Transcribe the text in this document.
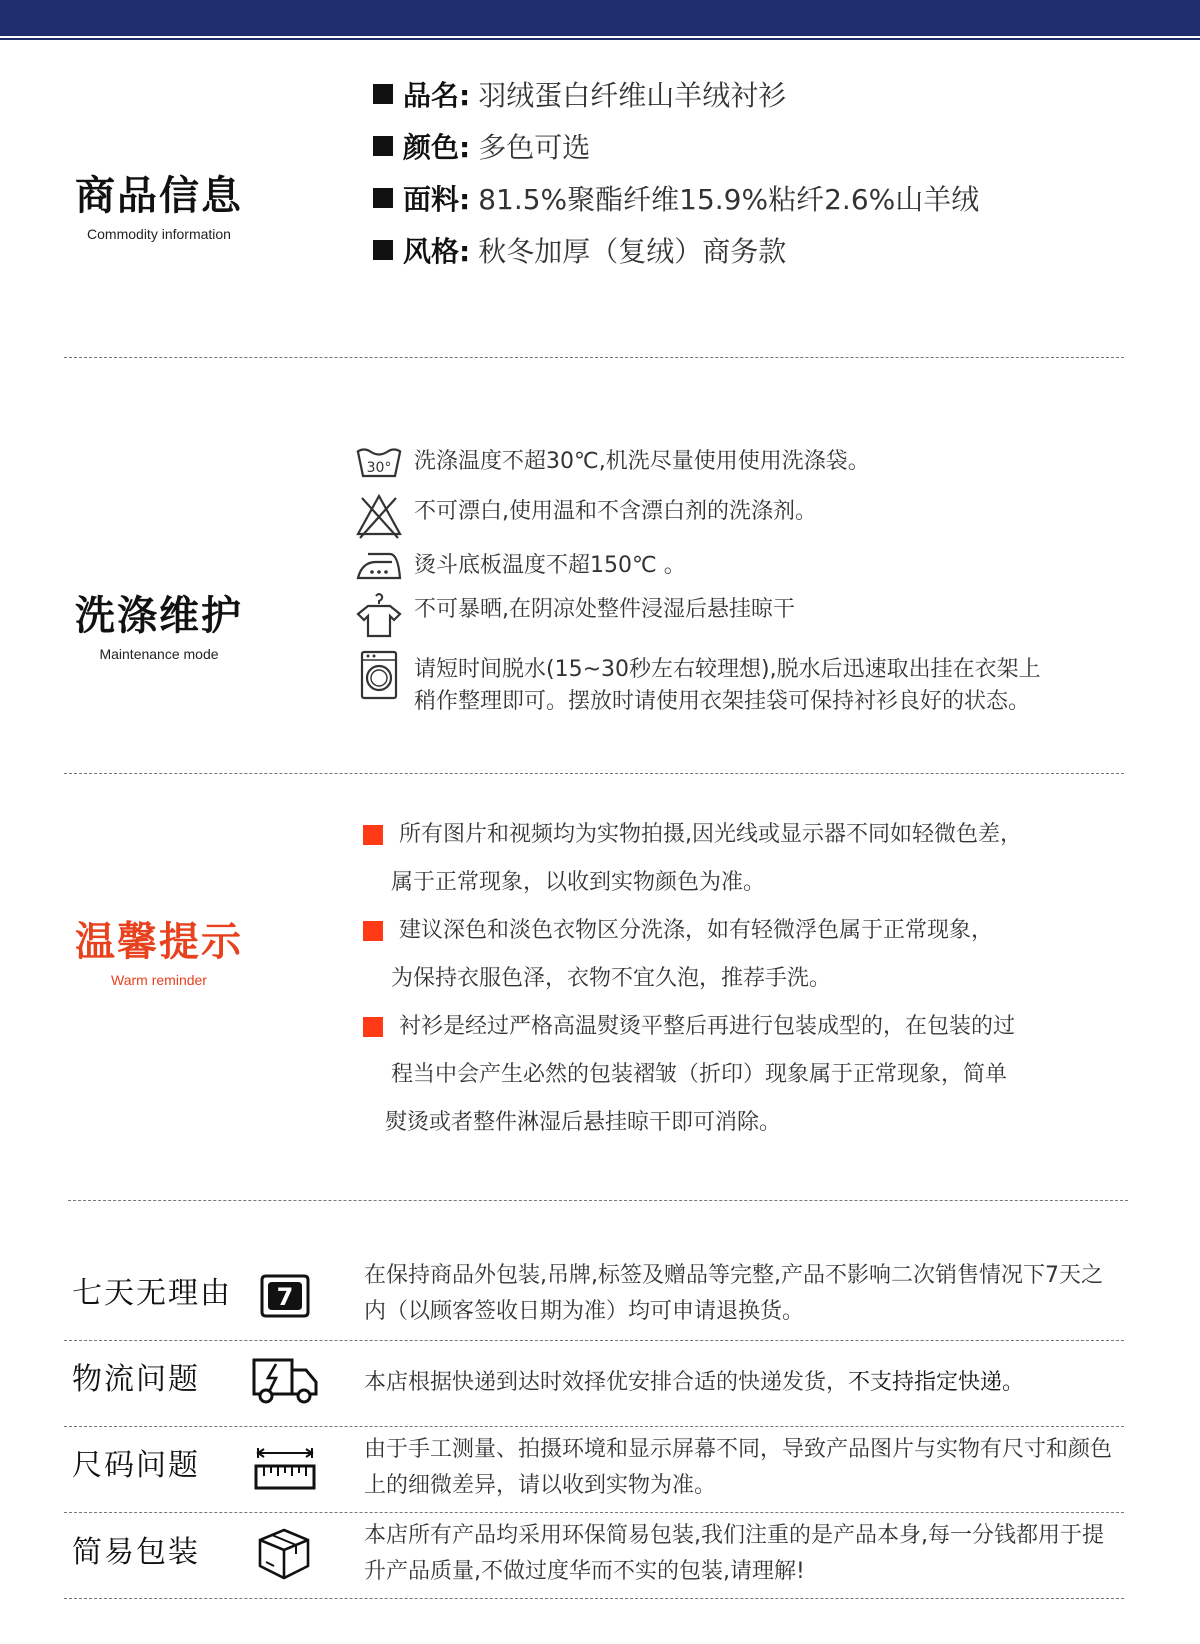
商品信息
Commodity information
品名: 羽绒蛋白纤维山羊绒衬衫
颜色: 多色可选
面料: 81.5%聚酯纤维15.9%粘纤2.6%山羊绒
风格: 秋冬加厚（复绒）商务款
洗涤维护
Maintenance mode
30° 洗涤温度不超30℃,机洗尽量使用使用洗涤袋。
不可漂白,使用温和不含漂白剂的洗涤剂。
烫斗底板温度不超150℃ 。
不可暴晒,在阴凉处整件浸湿后悬挂晾干
请短时间脱水(15~30秒左右较理想),脱水后迅速取出挂在衣架上
稍作整理即可。摆放时请使用衣架挂袋可保持衬衫良好的状态。
温馨提示
Warm reminder
所有图片和视频均为实物拍摄,因光线或显示器不同如轻微色差，
属于正常现象，以收到实物颜色为准。
建议深色和淡色衣物区分洗涤，如有轻微浮色属于正常现象，
为保持衣服色泽，衣物不宜久泡，推荐手洗。
衬衫是经过严格高温熨烫平整后再进行包装成型的，在包装的过
程当中会产生必然的包装褶皱（折印）现象属于正常现象，简单
熨烫或者整件淋湿后悬挂晾干即可消除。
七天无理由 7
在保持商品外包装,吊牌,标签及赠品等完整,产品不影响二次销售情况下7天之内（以顾客签收日期为准）均可申请退换货。
物流问题	本店根据快递到达时效择优安排合适的快递发货，不支持指定快递。
尺码问题	由于手工测量、拍摄环境和显示屏幕不同，导致产品图片与实物有尺寸和颜色上的细微差异，请以收到实物为准。
简易包装	本店所有产品均采用环保简易包装,我们注重的是产品本身,每一分钱都用于提升产品质量,不做过度华而不实的包装,请理解!
